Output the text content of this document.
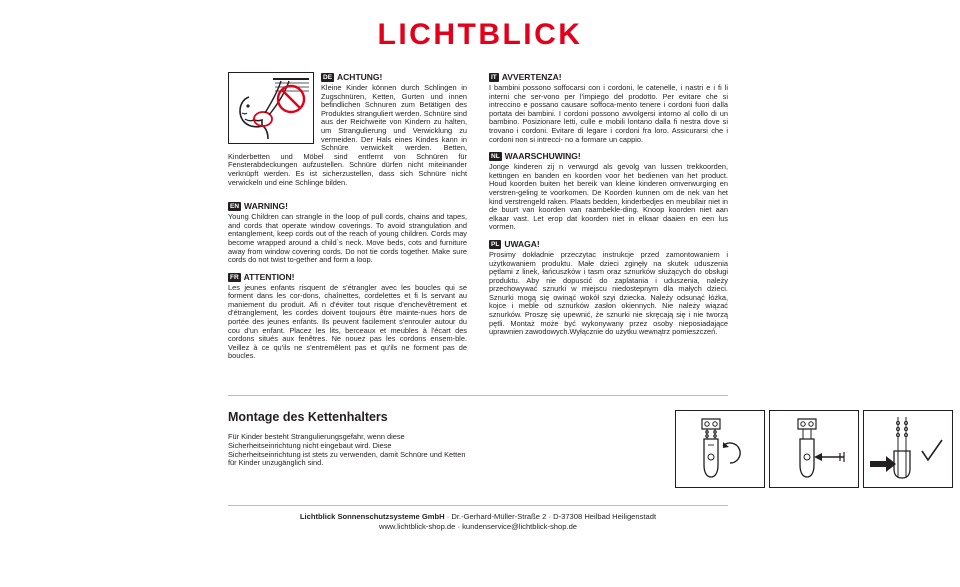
LICHTBLICK
DE ACHTUNG!
Kleine Kinder können durch Schlingen in Zugschnüren, Ketten, Gurten und innen befindlichen Schnuren zum Betätigen des Produktes stranguliert werden. Schnüre sind aus der Reichweite von Kindern zu halten, um Strangulierung und Verwicklung zu vermeiden. Der Hals eines Kindes kann in Schnüre verwickelt werden. Betten, Kinderbetten und Möbel sind entfernt von Schnüren für Fensterabdeckungen aufzustellen. Schnüre dürfen nicht miteinander verknüpft werden. Es ist sicherzustellen, dass sich Schnüre nicht verwickeln und eine Schlinge bilden.
EN WARNING!
Young Children can strangle in the loop of pull cords, chains and tapes, and cords that operate window coverings. To avoid strangulation and entanglement, keep cords out of the reach of young children. Cords may become wrapped around a child`s neck. Move beds, cots and furniture away from window covering cords. Do not tie cords together. Make sure cords do not twist to-gether and form a loop.
FR ATTENTION!
Les jeunes enfants risquent de s'étrangler avec les boucles qui se forment dans les cor-dons, chaînettes, cordelettes et fi ls servant au maniement du produit. Afi n d'éviter tout risque d'enchevêtrement et d'étranglement, les cordes doivent toujours être mainte-nues hors de portée des jeunes enfants. Ils peuvent facilement s'enrouler autour du cou d'un enfant. Placez les lits, berceaux et meubles à l'écart des cordons situés aux fenêtres. Ne nouez pas les cordons ensem-ble. Veillez à ce qu'ils ne s'entremêlent pas et qu'ils ne forment pas de boucles.
IT AVVERTENZA!
I bambini possono soffocarsi con i cordoni, le catenelle, i nastri e i fi li interni che ser-vono per l'impiego del prodotto. Per evitare che si intreccino e possano causare soffoca-mento tenere i cordoni fuori dalla portata dei bambini. I cordoni possono avvolgersi intorno al collo di un bambino. Posizionare letti, culle e mobili lontano dalla fi nestra dove si trovano i cordoni. Evitare di legare i cordoni fra loro. Assicurarsi che i cordoni non si intrecci- no a formare un cappio.
NL WAARSCHUWING!
Jonge kinderen zij n verwurgd als gevolg van lussen trekkoorden, kettingen en banden en koorden voor het bedienen van het product. Houd koorden buiten het bereik van kleine kinderen omverwurging en verstren-geling te voorkomen. De Koorden kunnen om de nek van het kind verstrengeld raken. Plaats bedden, kinderbedjes en meubilair niet in de buurt van koorden van raambekle-ding. Knoop koorden niet aan elkaar vast. Let erop dat koorden niet in elkaar daaien en een lus vormen.
PL UWAGA!
Prosimy dokładnie przeczytac instrukcje przed zamontowaniem i użytkowaniem produktu. Małe dzieci zginęły na skutek uduszenia pętlami z linek, łańcuszków i tasm oraz sznurków służących do obsługi produktu. Aby nie dopuscić do zaplatania i uduszenia, należy przechowywać sznurki w miejscu niedostepnym dla małych dzieci. Sznurki mogą się owinąć wokół szyi dziecka. Należy odsunąć łóżka, kojce i meble od sznurków zasłon okiennych. Nie należy wiązać sznurków. Proszę się upewnić, że sznurki nie skręcają się i nie tworzą pętli. Montaż może być wykonywany przez osoby nieposiadające uprawnien zawodowych.Wyłącznie do użytku wewnątrz pomieszczeń.
Montage des Kettenhalters
Für Kinder besteht Strangulierungsgefahr, wenn diese Sicherheitseinrichtung nicht eingebaut wird. Diese Sicherheitseinrichtung ist stets zu verwenden, damit Schnüre und Ketten für Kinder unzugänglich sind.
Lichtblick Sonnenschutzsysteme GmbH · Dr.-Gerhard-Müller-Straße 2 · D-37308 Heilbad Heiligenstadt
www.lichtblick-shop.de · kundenservice@lichtblick-shop.de
